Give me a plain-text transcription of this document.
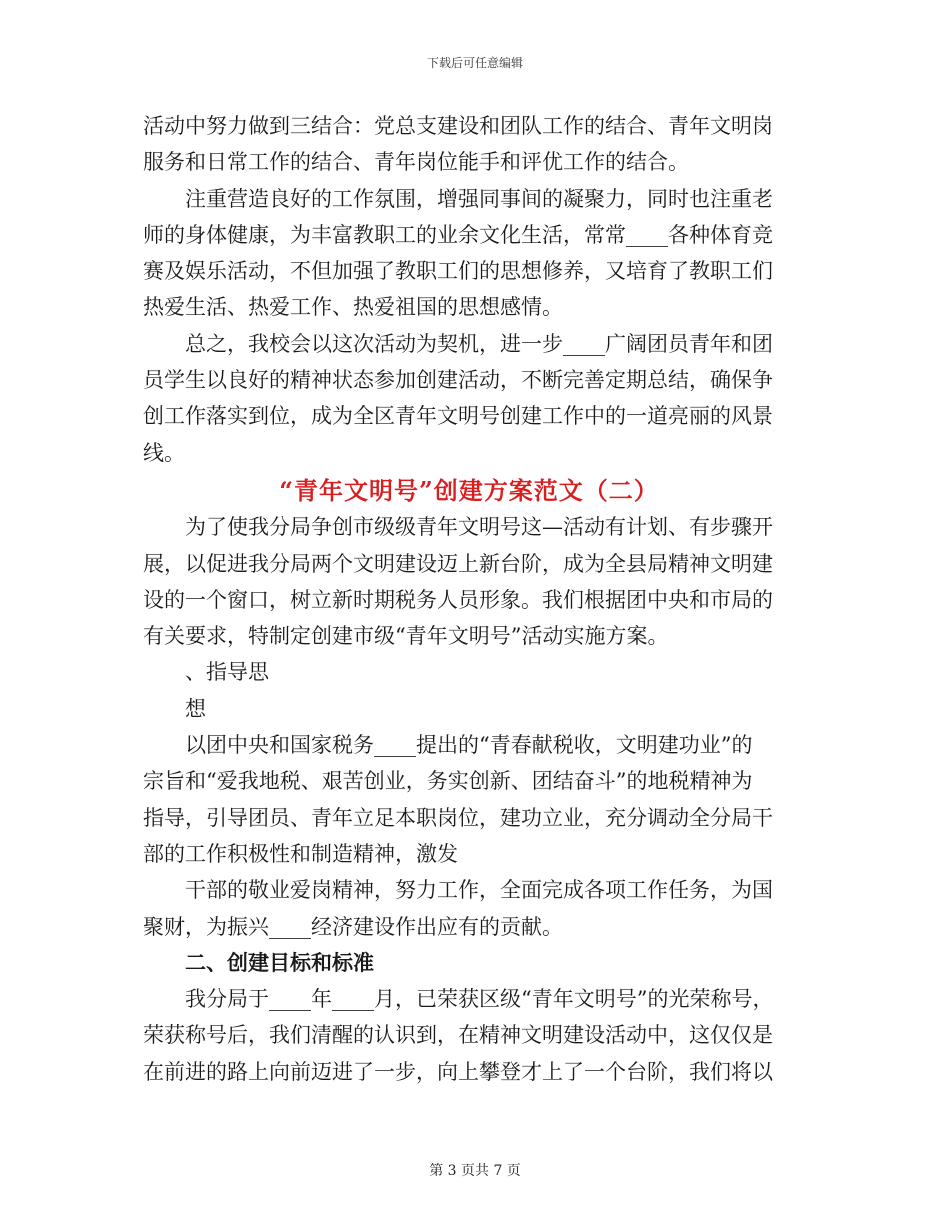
下载后可任意编辑
活动中努力做到三结合：党总支建设和团队工作的结合、青年文明岗
服务和日常工作的结合、青年岗位能手和评优工作的结合。
注重营造良好的工作氛围，增强同事间的凝聚力，同时也注重老
师的身体健康，为丰富教职工的业余文化生活，常常____各种体育竞
赛及娱乐活动，不但加强了教职工们的思想修养，又培育了教职工们
热爱生活、热爱工作、热爱祖国的思想感情。
总之，我校会以这次活动为契机，进一步____广阔团员青年和团
员学生以良好的精神状态参加创建活动，不断完善定期总结，确保争
创工作落实到位，成为全区青年文明号创建工作中的一道亮丽的风景
线。
“青年文明号”创建方案范文（二）
为了使我分局争创市级级青年文明号这—活动有计划、有步骤开
展，以促进我分局两个文明建设迈上新台阶，成为全县局精神文明建
设的一个窗口，树立新时期税务人员形象。我们根据团中央和市局的
有关要求，特制定创建市级“青年文明号”活动实施方案。
、指导思
想
以团中央和国家税务____提出的“青春献税收，文明建功业”的
宗旨和“爱我地税、艰苦创业，务实创新、团结奋斗”的地税精神为
指导，引导团员、青年立足本职岗位，建功立业，充分调动全分局干
部的工作积极性和制造精神，激发
干部的敬业爱岗精神，努力工作，全面完成各项工作任务，为国
聚财，为振兴____经济建设作出应有的贡献。
二、创建目标和标准
我分局于____年____月，已荣获区级“青年文明号”的光荣称号，
荣获称号后，我们清醒的认识到，在精神文明建设活动中，这仅仅是
在前进的路上向前迈进了一步，向上攀登才上了一个台阶，我们将以
第 3 页共 7 页
